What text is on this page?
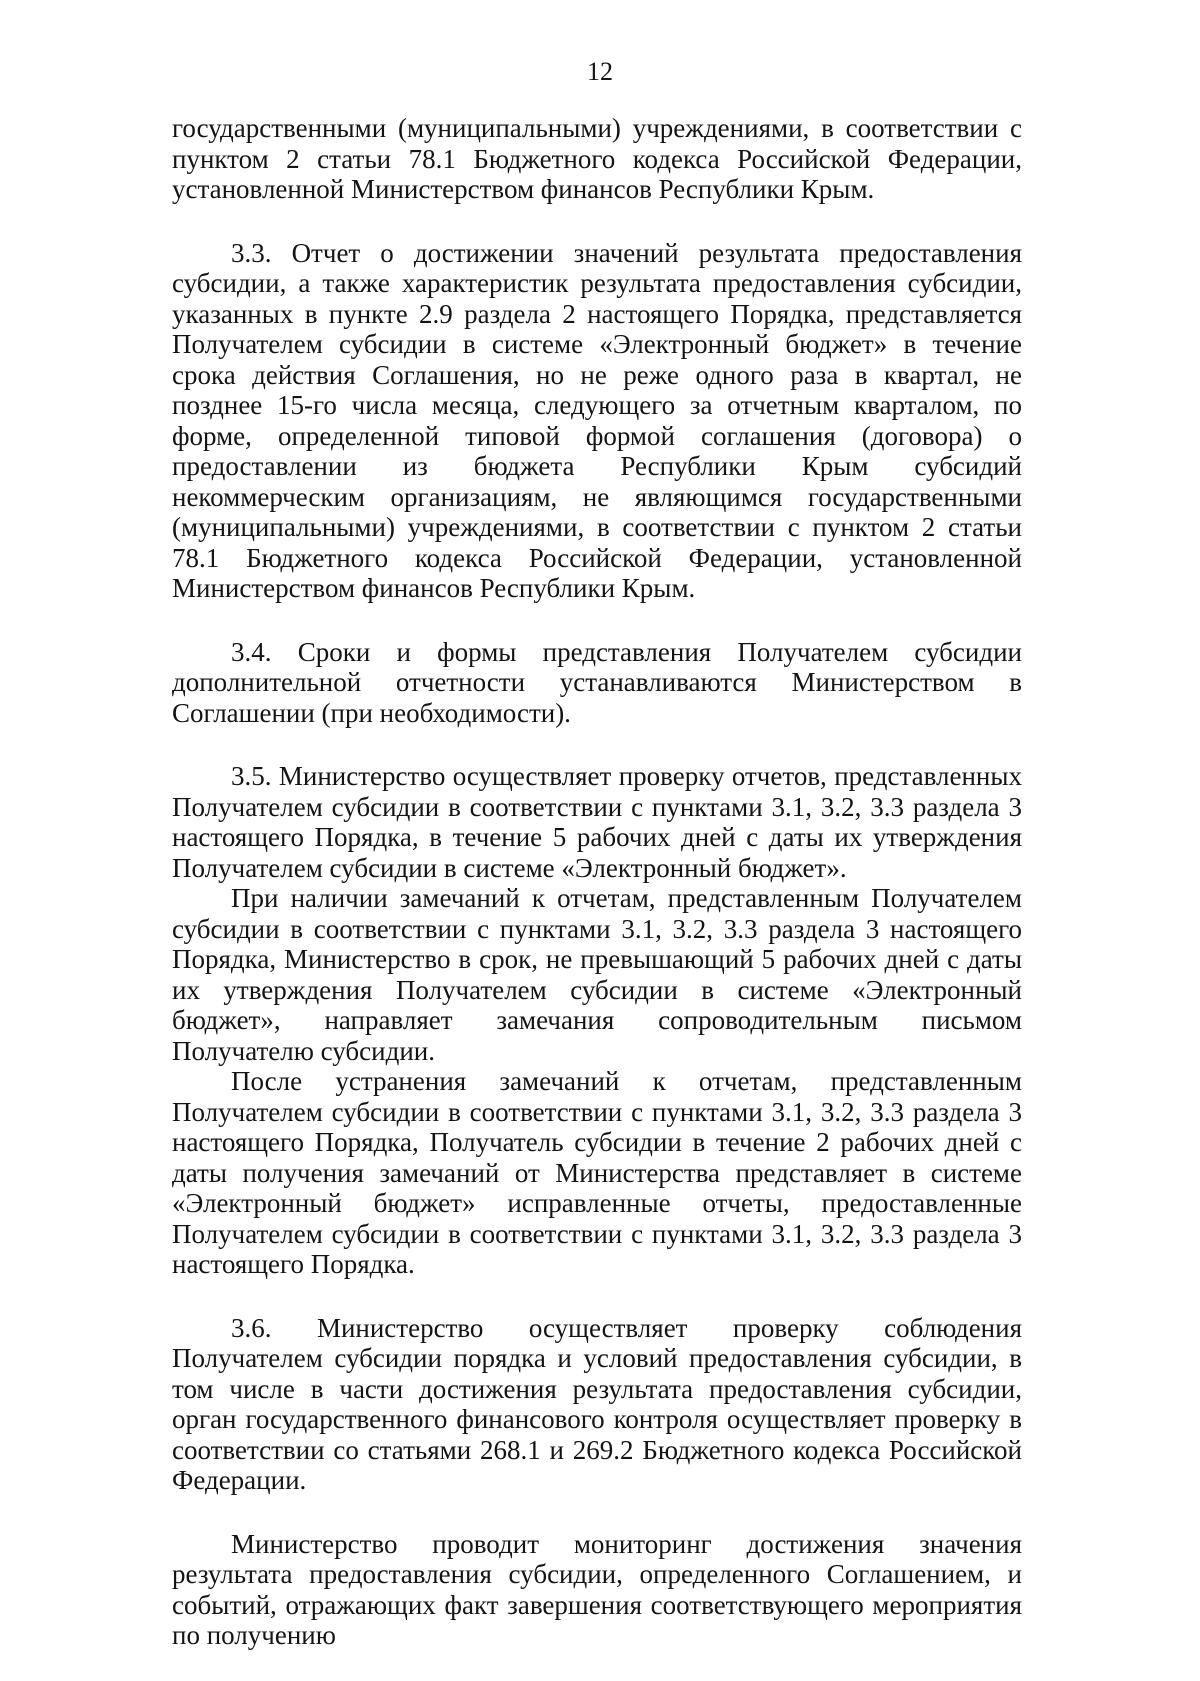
12

государственными (муниципальными) учреждениями, в соответствии с пунктом 2 статьи 78.1 Бюджетного кодекса Российской Федерации, установленной Министерством финансов Республики Крым.

3.3. Отчет о достижении значений результата предоставления субсидии, а также характеристик результата предоставления субсидии, указанных в пункте 2.9 раздела 2 настоящего Порядка, представляется Получателем субсидии в системе «Электронный бюджет» в течение срока действия Соглашения, но не реже одного раза в квартал, не позднее 15-го числа месяца, следующего за отчетным кварталом, по форме, определенной типовой формой соглашения (договора) о предоставлении из бюджета Республики Крым субсидий некоммерческим организациям, не являющимся государственными (муниципальными) учреждениями, в соответствии с пунктом 2 статьи 78.1 Бюджетного кодекса Российской Федерации, установленной Министерством финансов Республики Крым.

3.4. Сроки и формы представления Получателем субсидии дополнительной отчетности устанавливаются Министерством в Соглашении (при необходимости).

3.5. Министерство осуществляет проверку отчетов, представленных Получателем субсидии в соответствии с пунктами 3.1, 3.2, 3.3 раздела 3 настоящего Порядка, в течение 5 рабочих дней с даты их утверждения Получателем субсидии в системе «Электронный бюджет».

При наличии замечаний к отчетам, представленным Получателем субсидии в соответствии с пунктами 3.1, 3.2, 3.3 раздела 3 настоящего Порядка, Министерство в срок, не превышающий 5 рабочих дней с даты их утверждения Получателем субсидии в системе «Электронный бюджет», направляет замечания сопроводительным письмом Получателю субсидии.

После устранения замечаний к отчетам, представленным Получателем субсидии в соответствии с пунктами 3.1, 3.2, 3.3 раздела 3 настоящего Порядка, Получатель субсидии в течение 2 рабочих дней с даты получения замечаний от Министерства представляет в системе «Электронный бюджет» исправленные отчеты, предоставленные Получателем субсидии в соответствии с пунктами 3.1, 3.2, 3.3 раздела 3 настоящего Порядка.

3.6. Министерство осуществляет проверку соблюдения Получателем субсидии порядка и условий предоставления субсидии, в том числе в части достижения результата предоставления субсидии, орган государственного финансового контроля осуществляет проверку в соответствии со статьями 268.1 и 269.2 Бюджетного кодекса Российской Федерации.

Министерство проводит мониторинг достижения значения результата предоставления субсидии, определенного Соглашением, и событий, отражающих факт завершения соответствующего мероприятия по получению
